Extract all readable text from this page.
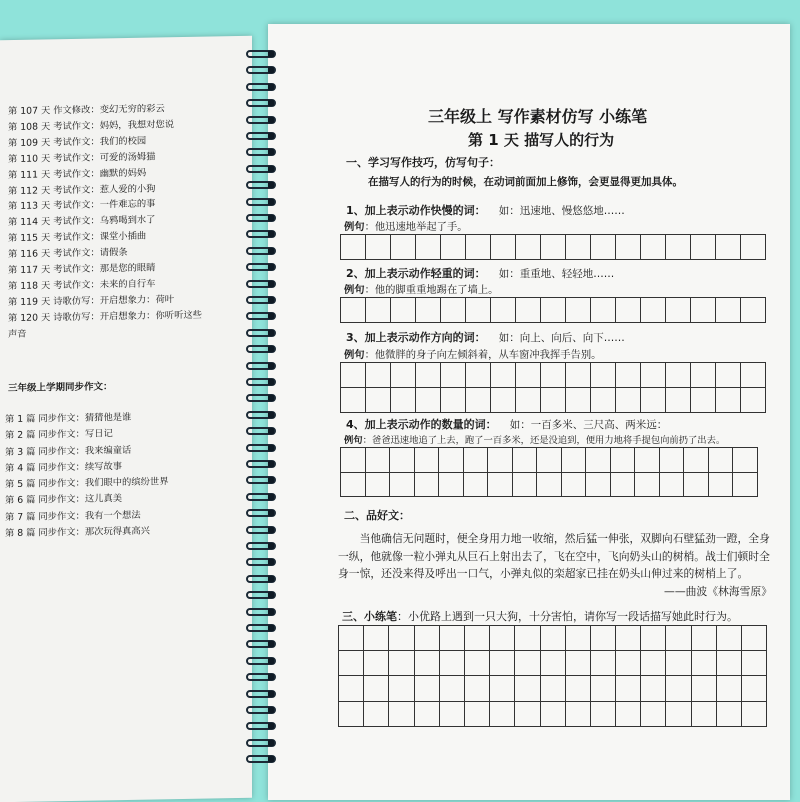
第 107 天 作文修改：变幻无穷的彩云
第 108 天 考试作文：妈妈，我想对您说
第 109 天 考试作文：我们的校园
第 110 天 考试作文：可爱的汤姆猫
第 111 天 考试作文：幽默的妈妈
第 112 天 考试作文：惹人爱的小狗
第 113 天 考试作文：一件难忘的事
第 114 天 考试作文：乌鸦喝到水了
第 115 天 考试作文：课堂小插曲
第 116 天 考试作文：请假条
第 117 天 考试作文：那是您的眼睛
第 118 天 考试作文：未来的自行车
第 119 天 诗歌仿写：开启想象力：荷叶
第 120 天 诗歌仿写：开启想象力：你听听这些
声音
三年级上学期同步作文：
第 1 篇 同步作文：猜猜他是谁
第 2 篇 同步作文：写日记
第 3 篇 同步作文：我来编童话
第 4 篇 同步作文：续写故事
第 5 篇 同步作文：我们眼中的缤纷世界
第 6 篇 同步作文：这儿真美
第 7 篇 同步作文：我有一个想法
第 8 篇 同步作文：那次玩得真高兴
三年级上 写作素材仿写 小练笔
第 1 天 描写人的行为
一、学习写作技巧，仿写句子：
在描写人的行为的时候，在动词前面加上修饰，会更显得更加具体。
1、加上表示动作快慢的词： 如：迅速地、慢悠悠地……
例句：他迅速地举起了手。
2、加上表示动作轻重的词： 如：重重地、轻轻地……
例句：他的脚重重地踢在了墙上。
3、加上表示动作方向的词： 如：向上、向后、向下……
例句：他微胖的身子向左倾斜着，从车窗冲我挥手告别。
4、加上表示动作的数量的词： 如：一百多米、三尺高、两米远：
例句：爸爸迅速地追了上去，跑了一百多米，还是没追到，便用力地将手提包向前扔了出去。
二、品好文：

当他确信无问题时，便全身用力地一收缩，然后猛一伸张，双脚向石壁猛劲一蹬，全身一纵，他就像一粒小弹丸从巨石上射出去了，飞在空中，飞向奶头山的树梢。战士们顿时全身一惊，还没来得及呼出一口气，小弹丸似的栾超家已挂在奶头山伸过来的树梢上了。

——曲波《林海雪原》
三、小练笔：小优路上遇到一只大狗，十分害怕，请你写一段话描写她此时行为。
